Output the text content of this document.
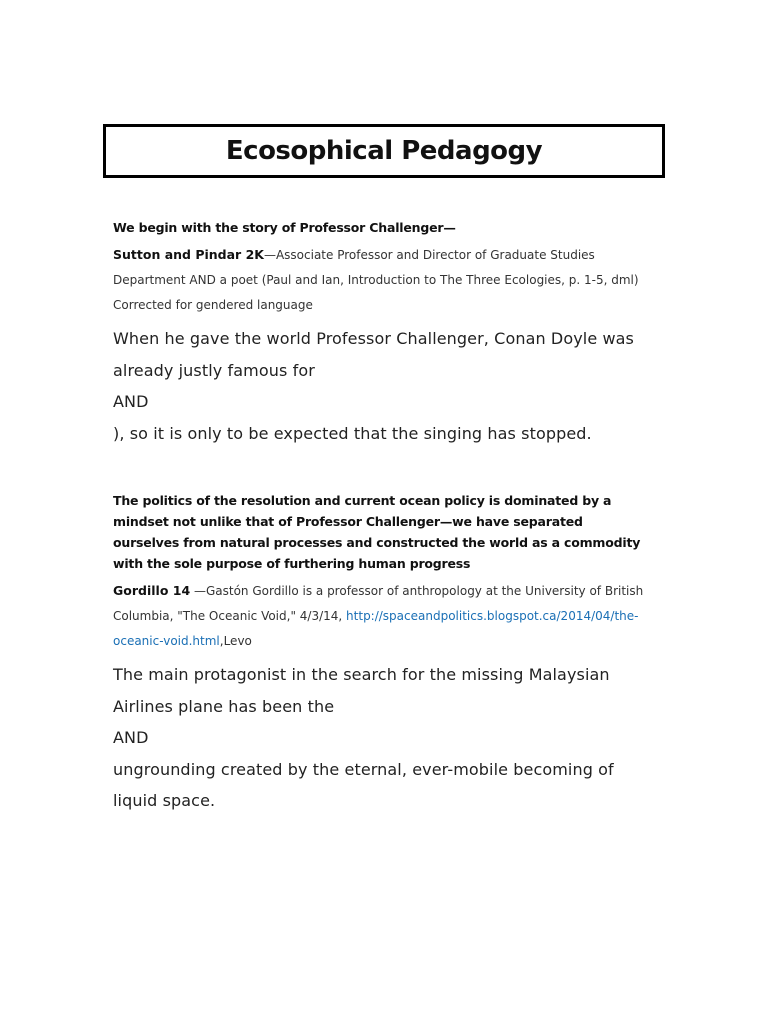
Ecosophical Pedagogy
We begin with the story of Professor Challenger—
Sutton and Pindar 2K—Associate Professor and Director of Graduate Studies Department AND a poet (Paul and Ian, Introduction to The Three Ecologies, p. 1-5, dml) Corrected for gendered language

When he gave the world Professor Challenger, Conan Doyle was already justly famous for

AND

), so it is only to be expected that the singing has stopped.

The politics of the resolution and current ocean policy is dominated by a mindset not unlike that of Professor Challenger—we have separated ourselves from natural processes and constructed the world as a commodity with the sole purpose of furthering human progress
Gordillo 14 —Gastón Gordillo is a professor of anthropology at the University of British Columbia, "The Oceanic Void," 4/3/14, http://spaceandpolitics.blogspot.ca/2014/04/the-oceanic-void.html,Levo

The main protagonist in the search for the missing Malaysian Airlines plane has been the

AND

ungrounding created by the eternal, ever-mobile becoming of liquid space.
